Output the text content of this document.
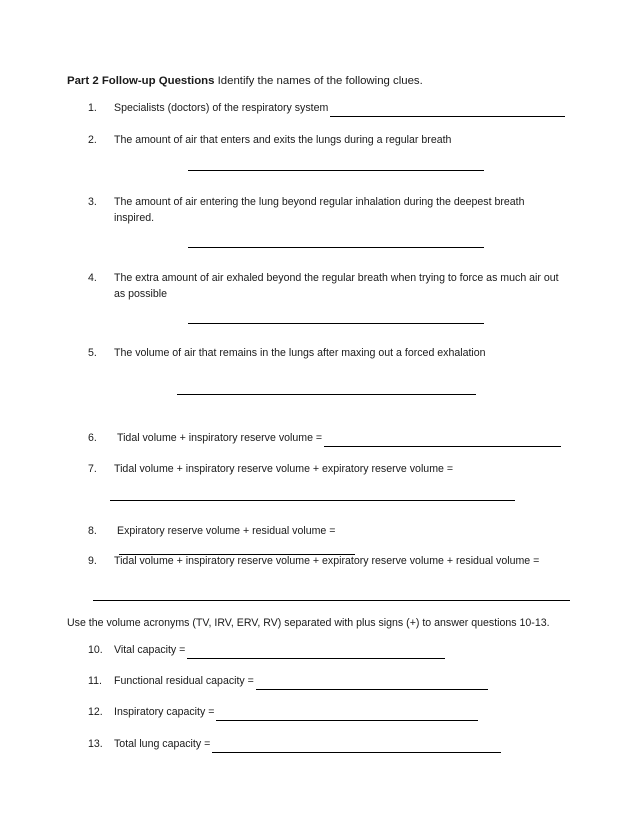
Part 2 Follow-up Questions Identify the names of the following clues.
1.	Specialists (doctors) of the respiratory system
2.	The amount of air that enters and exits the lungs during a regular breath
3.	The amount of air entering the lung beyond regular inhalation during the deepest breath inspired.
4.	The extra amount of air exhaled beyond the regular breath when trying to force as much air out as possible
5.	The volume of air that remains in the lungs after maxing out a forced exhalation
6.	Tidal volume + inspiratory reserve volume =
7.	Tidal volume + inspiratory reserve volume + expiratory reserve volume =
8.	Expiratory reserve volume + residual volume =
9.	Tidal volume + inspiratory reserve volume + expiratory reserve volume + residual volume =
Use the volume acronyms (TV, IRV, ERV, RV) separated with plus signs (+) to answer questions 10-13.
10.	Vital capacity =
11.	Functional residual capacity =
12.	Inspiratory capacity =
13.	Total lung capacity =
